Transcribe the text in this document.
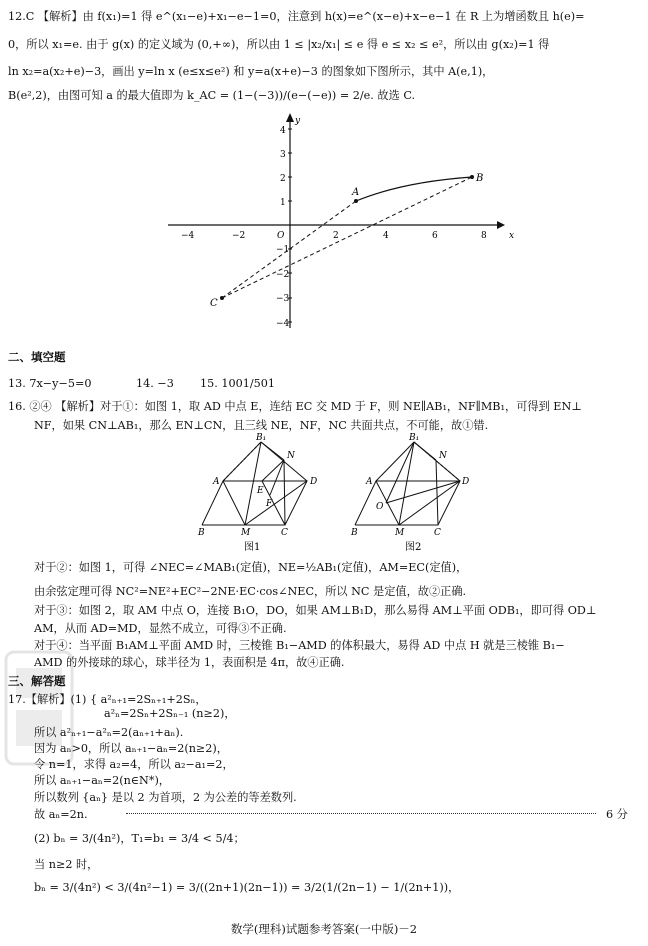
12.C 【解析】由 f(x₁)=1 得 e^(x₁−e)+x₁−e−1=0，注意到 h(x)=e^(x−e)+x−e−1 在 R 上为增函数且 h(e)=
0，所以 x₁=e. 由于 g(x) 的定义域为 (0,+∞)，所以由 1 ≤ |x₂/x₁| ≤ e 得 e ≤ x₂ ≤ e²，所以由 g(x₂)=1 得
ln x₂=a(x₂+e)−3，画出 y=ln x (e≤x≤e²) 和 y=a(x+e)−3 的图象如下图所示，其中 A(e,1)，
B(e²,2)，由图可知 a 的最大值即为 k_AC = (1−(−3))/(e−(−e)) = 2/e. 故选 C.
x
y
−4	−2	O	2	4	6	8
4
3
2
1
−1
−2
−3
−4
A
B
C
二、填空题
13. 7x−y−5=0	14. −3 15. 1001/501
16. ②④ 【解析】对于①：如图 1，取 AD 中点 E，连结 EC 交 MD 于 F，则 NE∥AB₁，NF∥MB₁，可得到 EN⊥
NF，如果 CN⊥AB₁，那么 EN⊥CN，且三线 NE，NF，NC 共面共点，不可能，故①错.
B₁
N
A	D
E
F
B	M	C
B₁
N
A	D
O
B	M	C
图1	图2
对于②：如图 1，可得 ∠NEC=∠MAB₁(定值)，NE=½AB₁(定值)，AM=EC(定值)，
由余弦定理可得 NC²=NE²+EC²−2NE·EC·cos∠NEC，所以 NC 是定值，故②正确.
对于③：如图 2，取 AM 中点 O，连接 B₁O，DO，如果 AM⊥B₁D，那么易得 AM⊥平面 ODB₁，即可得 OD⊥
AM，从而 AD=MD，显然不成立，可得③不正确.
对于④：当平面 B₁AM⊥平面 AMD 时，三棱锥 B₁−AMD 的体积最大，易得 AD 中点 H 就是三棱锥 B₁−
AMD 的外接球的球心，球半径为 1，表面积是 4π，故④正确.
三、解答题
17.【解析】(1) { a²ₙ₊₁=2Sₙ₊₁+2Sₙ，
a²ₙ=2Sₙ+2Sₙ₋₁ (n≥2)，
所以 a²ₙ₊₁−a²ₙ=2(aₙ₊₁+aₙ).
因为 aₙ>0，所以 aₙ₊₁−aₙ=2(n≥2)，
令 n=1，求得 a₂=4，所以 a₂−a₁=2，
所以 aₙ₊₁−aₙ=2(n∈N*)，
所以数列 {aₙ} 是以 2 为首项，2 为公差的等差数列.
故 aₙ=2n.	6 分
(2) bₙ = 3/(4n²)，T₁=b₁ = 3/4 < 5/4；
当 n≥2 时，
bₙ = 3/(4n²) < 3/(4n²−1) = 3/((2n+1)(2n−1)) = 3/2(1/(2n−1) − 1/(2n+1))，
数学(理科)试题参考答案(一中版)－2
